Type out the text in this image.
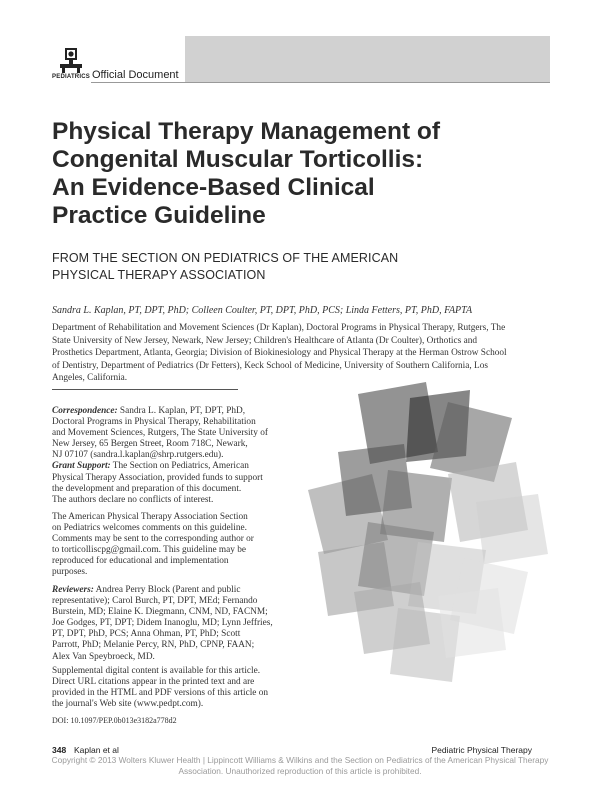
PEDIATRICS Official Document
Physical Therapy Management of
Congenital Muscular Torticollis:
An Evidence-Based Clinical
Practice Guideline
FROM THE SECTION ON PEDIATRICS OF THE AMERICAN
PHYSICAL THERAPY ASSOCIATION
Sandra L. Kaplan, PT, DPT, PhD; Colleen Coulter, PT, DPT, PhD, PCS; Linda Fetters, PT, PhD, FAPTA
Department of Rehabilitation and Movement Sciences (Dr Kaplan), Doctoral Programs in Physical Therapy, Rutgers, The
State University of New Jersey, Newark, New Jersey; Children's Healthcare of Atlanta (Dr Coulter), Orthotics and
Prosthetics Department, Atlanta, Georgia; Division of Biokinesiology and Physical Therapy at the Herman Ostrow School
of Dentistry, Department of Pediatrics (Dr Fetters), Keck School of Medicine, University of Southern California, Los
Angeles, California.
Correspondence: Sandra L. Kaplan, PT, DPT, PhD,
Doctoral Programs in Physical Therapy, Rehabilitation
and Movement Sciences, Rutgers, The State University of
New Jersey, 65 Bergen Street, Room 718C, Newark,
NJ 07107 (sandra.l.kaplan@shrp.rutgers.edu).
Grant Support: The Section on Pediatrics, American
Physical Therapy Association, provided funds to support
the development and preparation of this document.
The authors declare no conflicts of interest.
The American Physical Therapy Association Section
on Pediatrics welcomes comments on this guideline.
Comments may be sent to the corresponding author or
to torticolliscpg@gmail.com. This guideline may be
reproduced for educational and implementation
purposes.
Reviewers: Andrea Perry Block (Parent and public
representative); Carol Burch, PT, DPT, MEd; Fernando
Burstein, MD; Elaine K. Diegmann, CNM, ND, FACNM;
Joe Godges, PT, DPT; Didem Inanoglu, MD; Lynn Jeffries,
PT, DPT, PhD, PCS; Anna Ohman, PT, PhD; Scott
Parrott, PhD; Melanie Percy, RN, PhD, CPNP, FAAN;
Alex Van Speybroeck, MD.
Supplemental digital content is available for this article.
Direct URL citations appear in the printed text and are
provided in the HTML and PDF versions of this article on
the journal's Web site (www.pedpt.com).
DOI: 10.1097/PEP.0b013e3182a778d2
348 Kaplan et al	Pediatric Physical Therapy
Copyright © 2013 Wolters Kluwer Health | Lippincott Williams & Wilkins and the Section on Pediatrics of the American Physical Therapy
Association. Unauthorized reproduction of this article is prohibited.
